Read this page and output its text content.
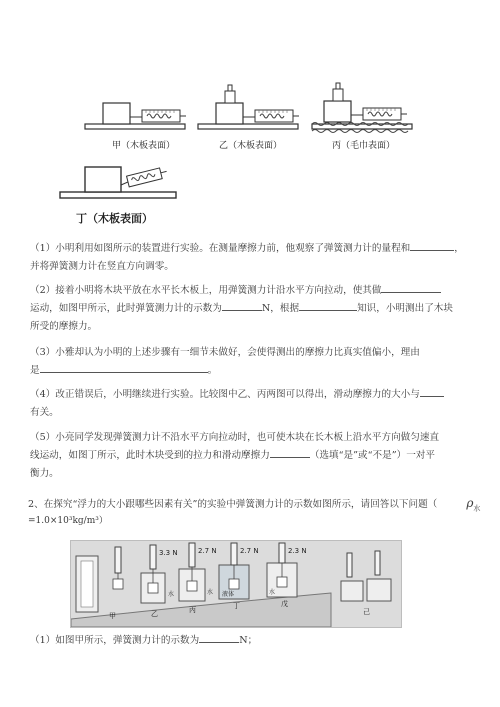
甲（木板表面）	乙（木板表面）	丙（毛巾表面）
丁（木板表面）
（1）小明利用如图所示的装置进行实验。在测量摩擦力前，他观察了弹簧测力计的量程和	，
并将弹簧测力计在竖直方向调零。
（2）接着小明将木块平放在水平长木板上，用弹簧测力计沿水平方向拉动，使其做
运动，如图甲所示，此时弹簧测力计的示数为	N，根据	知识，小明测出了木块
所受的摩擦力。
（3）小雅却认为小明的上述步骤有一细节未做好，会使得测出的摩擦力比真实值偏小，理由
是	。
（4）改正错误后，小明继续进行实验。比较图中乙、丙两图可以得出，滑动摩擦力的大小与
有关。
（5）小亮同学发现弹簧测力计不沿水平方向拉动时，也可使木块在长木板上沿水平方向做匀速直
线运动，如图丁所示，此时木块受到的拉力和滑动摩擦力	（选填“是”或“不是”）一对平
衡力。
2、在探究“浮力的大小跟哪些因素有关”的实验中弹簧测力计的示数如图所示，请回答以下问题（ $\rho_水$
=1.0×10³kg/m³）
3.3 N	2.7 N	2.7 N	2.3 N
甲	乙	丙	丁	戊
己
水	水 液体	水
（1）如图甲所示，弹簧测力计的示数为	N；
